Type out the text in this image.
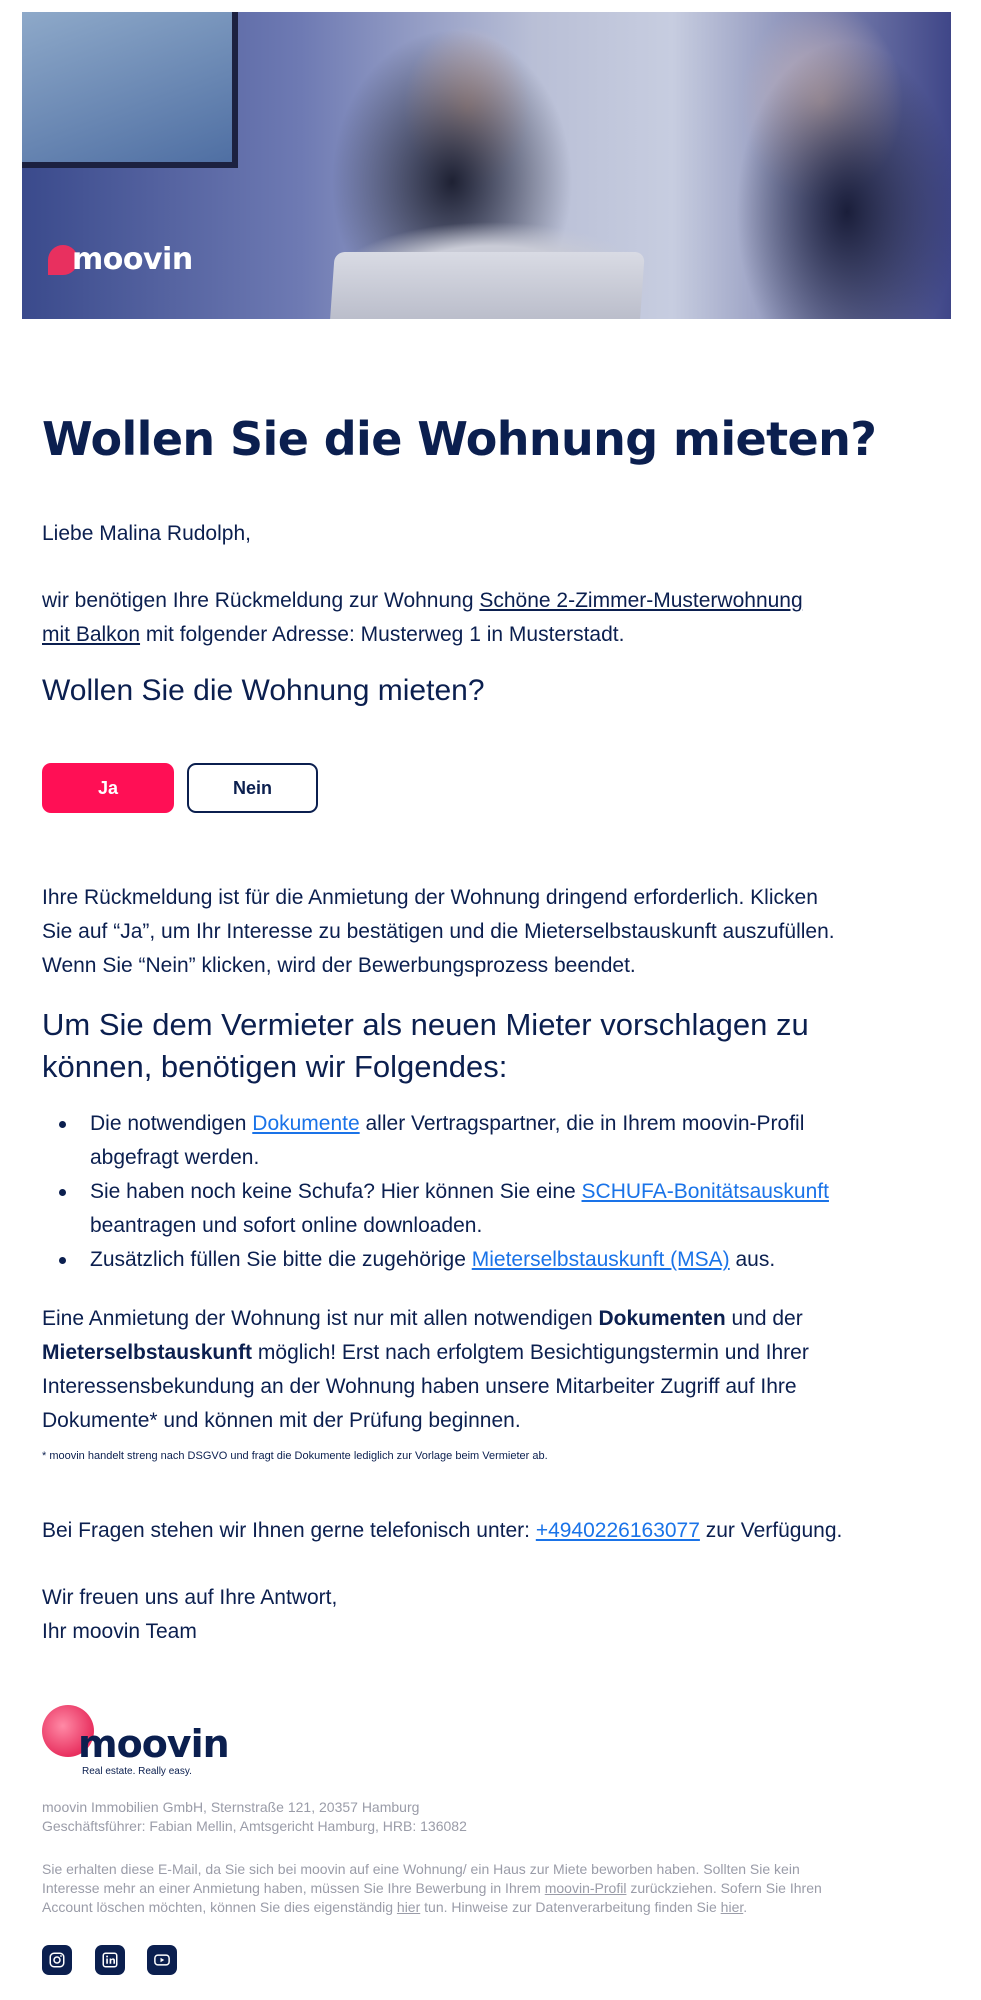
moovin
Wollen Sie die Wohnung mieten?

Liebe Malina Rudolph,

wir benötigen Ihre Rückmeldung zur Wohnung Schöne 2-Zimmer-Musterwohnung
mit Balkon mit folgender Adresse: Musterweg 1 in Musterstadt.

Wollen Sie die Wohnung mieten?
Ja	Nein

Ihre Rückmeldung ist für die Anmietung der Wohnung dringend erforderlich. Klicken
Sie auf “Ja”, um Ihr Interesse zu bestätigen und die Mieterselbstauskunft auszufüllen.
Wenn Sie “Nein” klicken, wird der Bewerbungsprozess beendet.

Um Sie dem Vermieter als neuen Mieter vorschlagen zu
können, benötigen wir Folgendes:
Die notwendigen Dokumente aller Vertragspartner, die in Ihrem moovin-Profil
abgefragt werden.
Sie haben noch keine Schufa? Hier können Sie eine SCHUFA-Bonitätsauskunft
beantragen und sofort online downloaden.
Zusätzlich füllen Sie bitte die zugehörige Mieterselbstauskunft (MSA) aus.

Eine Anmietung der Wohnung ist nur mit allen notwendigen Dokumenten und der
Mieterselbstauskunft möglich! Erst nach erfolgtem Besichtigungstermin und Ihrer
Interessensbekundung an der Wohnung haben unsere Mitarbeiter Zugriff auf Ihre
Dokumente* und können mit der Prüfung beginnen.

* moovin handelt streng nach DSGVO und fragt die Dokumente lediglich zur Vorlage beim Vermieter ab.

Bei Fragen stehen wir Ihnen gerne telefonisch unter: +4940226163077 zur Verfügung.

Wir freuen uns auf Ihre Antwort,
Ihr moovin Team

moovin
Real estate. Really easy.

moovin Immobilien GmbH, Sternstraße 121, 20357 Hamburg
Geschäftsführer: Fabian Mellin, Amtsgericht Hamburg, HRB: 136082

Sie erhalten diese E-Mail, da Sie sich bei moovin auf eine Wohnung/ ein Haus zur Miete beworben haben. Sollten Sie kein
Interesse mehr an einer Anmietung haben, müssen Sie Ihre Bewerbung in Ihrem moovin-Profil zurückziehen. Sofern Sie Ihren
Account löschen möchten, können Sie dies eigenständig hier tun. Hinweise zur Datenverarbeitung finden Sie hier.
